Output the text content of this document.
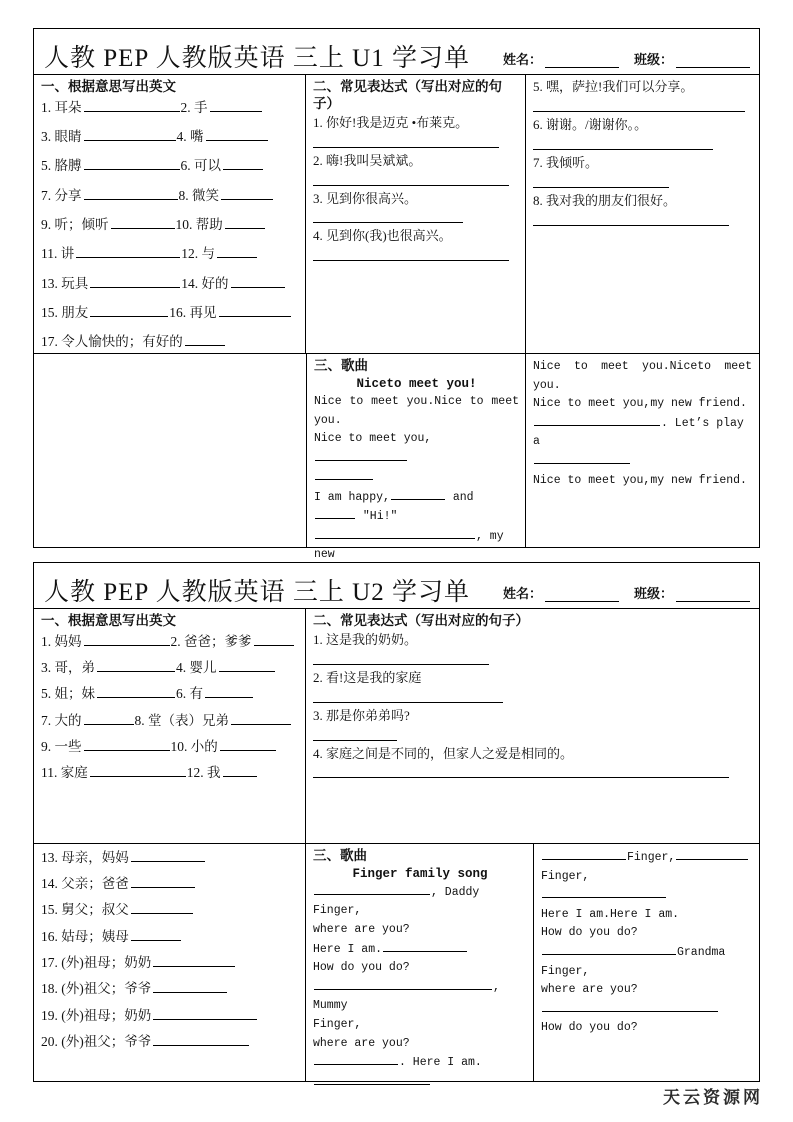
人教 PEP 人教版英语 三上 U1 学习单	姓名：	班级：
一、根据意思写出英文
1. 耳朵	2. 手
3. 眼睛	4. 嘴
5. 胳膊	6. 可以
7. 分享	8. 微笑
9. 听；倾听	10. 帮助
11. 讲	12. 与
13. 玩具	14. 好的
15. 朋友	16. 再见
17. 令人愉快的；有好的
二、常见表达式（写出对应的句子）
1. 你好!我是迈克 •布莱克。
2. 嗨!我叫吴斌斌。
3. 见到你很高兴。
4. 见到你(我)也很高兴。
5. 嘿，萨拉!我们可以分享。
6. 谢谢。/谢谢你。。
7. 我倾听。
8. 我对我的朋友们很好。
三、歌曲
Niceto meet you!

Nice to meet you.Nice to meet

you.

Nice to meet you,

I am happy,	and  ″Hi!″

, my new

Nice to meet you.Niceto meet

you.

Nice to meet you,my new friend.

. Let’s play a

Nice to meet you,my new friend.

人教 PEP 人教版英语 三上 U2 学习单	姓名：	班级：
一、根据意思写出英文
1. 妈妈	2. 爸爸；爹爹
3. 哥，弟	4. 婴儿
5. 姐；妹	6. 有
7. 大的	8. 堂（表）兄弟
9. 一些	10. 小的
11. 家庭	12. 我
二、常见表达式（写出对应的句子）
1. 这是我的奶奶。
2. 看!这是我的家庭
3. 那是你弟弟吗?
4. 家庭之间是不同的，但家人之爱是相同的。
13. 母亲，妈妈
14. 父亲；爸爸
15. 舅父；叔父
16. 姑母；姨母
17. (外)祖母；奶奶
18. (外)祖父；爷爷
19. (外)祖母；奶奶
20. (外)祖父；爷爷
三、歌曲
Finger family song

, Daddy Finger,

where are you?

Here I am.

How do you do?

, Mummy

Finger,

where are you?

. Here I am.

Finger,

Finger,

Here I am.Here I am.

How do you do?

Grandma

Finger,

where are you?

How do you do?

天云资源网
